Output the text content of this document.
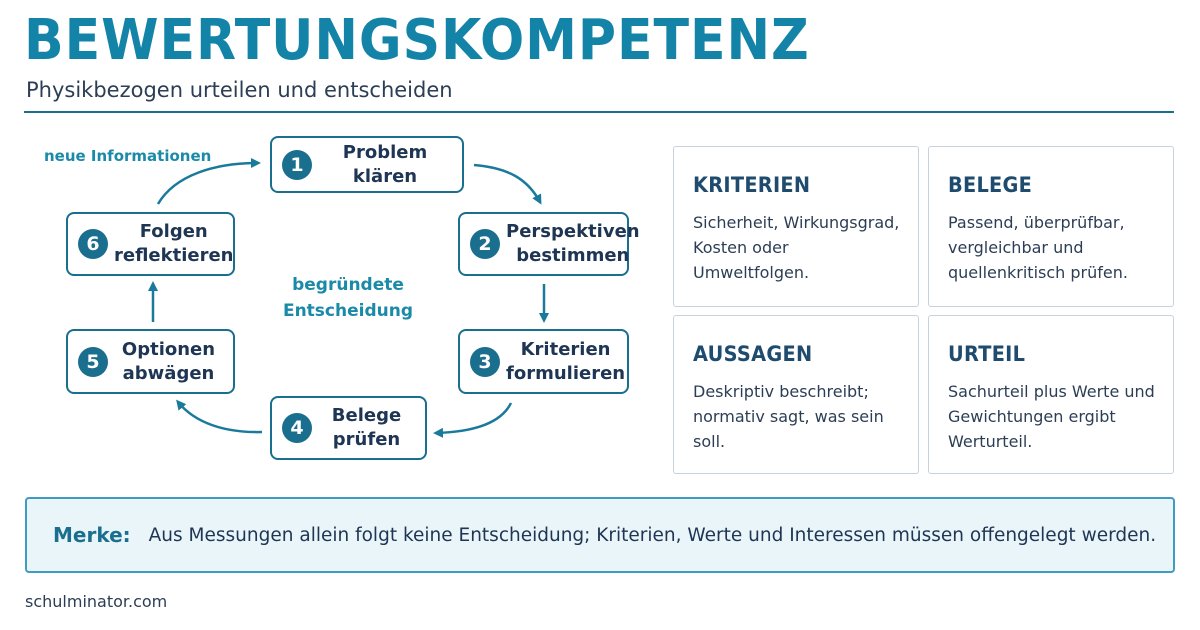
BEWERTUNGSKOMPETENZ
Physikbezogen urteilen und entscheiden
neue Informationen
begründete
Entscheidung
1
Problem klären
2
Perspektiven
bestimmen
3
Kriterien
formulieren
4
Belege
prüfen
5
Optionen
abwägen
6
Folgen
reflektieren
KRITERIEN
Sicherheit, Wirkungsgrad, Kosten oder Umweltfolgen.
BELEGE
Passend, überprüfbar, vergleichbar und quellenkritisch prüfen.
AUSSAGEN
Deskriptiv beschreibt; normativ sagt, was sein soll.
URTEIL
Sachurteil plus Werte und Gewichtungen ergibt Werturteil.
Merke: Aus Messungen allein folgt keine Entscheidung; Kriterien, Werte und Interessen müssen offengelegt werden.
schulminator.com
